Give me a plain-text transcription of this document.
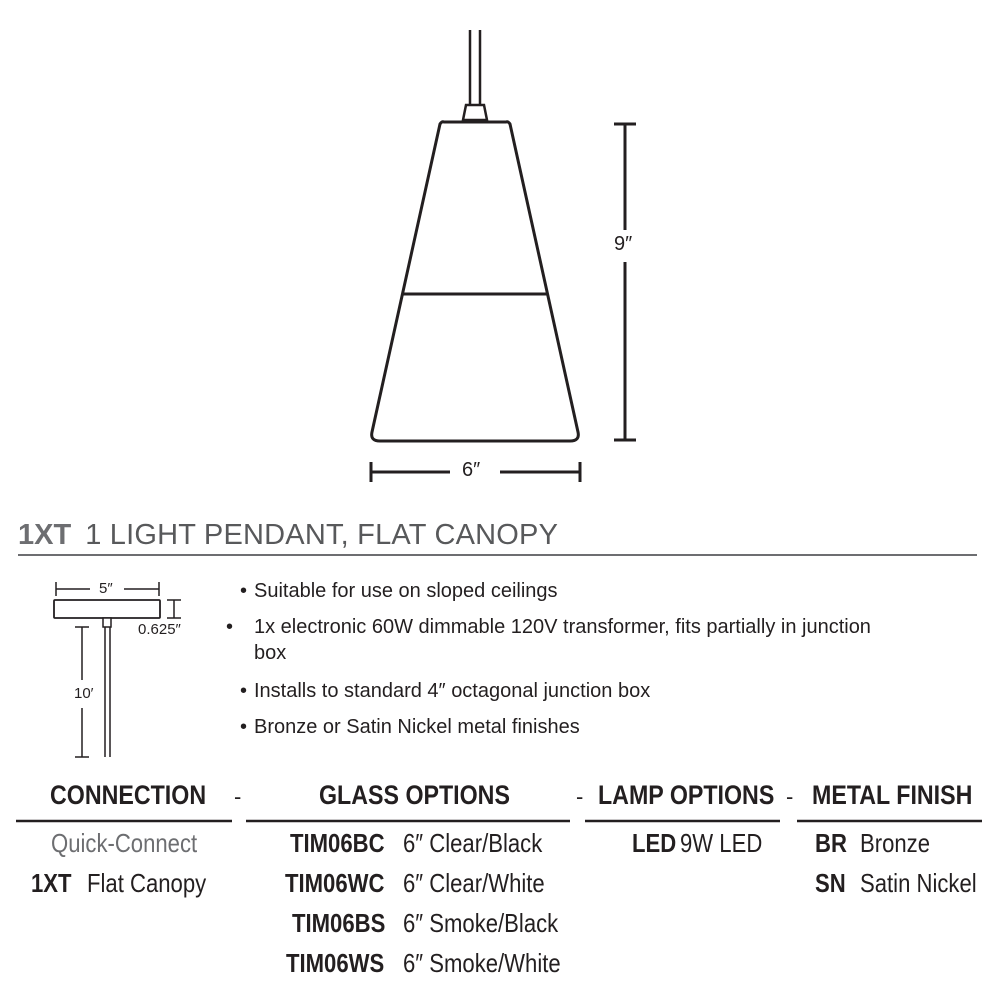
9″
6″
1XT 1 LIGHT PENDANT, FLAT CANOPY
5″
0.625″
10′
• Suitable for use on sloped ceilings
• 1x electronic 60W dimmable 120V transformer, fits partially in junction box
• Installs to standard 4″ octagonal junction box
• Bronze or Satin Nickel metal finishes
CONNECTION -	GLASS OPTIONS	- LAMP OPTIONS - METAL FINISH
Quick-Connect
1XT Flat Canopy
TIM06BC 6″ Clear/Black
TIM06WC 6″ Clear/White
TIM06BS 6″ Smoke/Black
TIM06WS 6″ Smoke/White
LED 9W LED BR Bronze
SN Satin Nickel
